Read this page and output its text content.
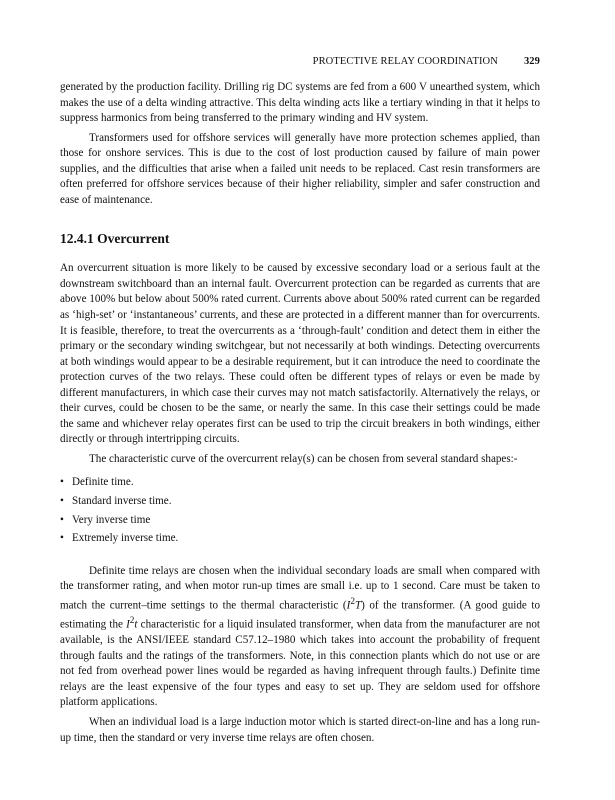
PROTECTIVE RELAY COORDINATION 329

generated by the production facility. Drilling rig DC systems are fed from a 600 V unearthed system, which makes the use of a delta winding attractive. This delta winding acts like a tertiary winding in that it helps to suppress harmonics from being transferred to the primary winding and HV system.

Transformers used for offshore services will generally have more protection schemes applied, than those for onshore services. This is due to the cost of lost production caused by failure of main power supplies, and the difficulties that arise when a failed unit needs to be replaced. Cast resin transformers are often preferred for offshore services because of their higher reliability, simpler and safer construction and ease of maintenance.

12.4.1 Overcurrent

An overcurrent situation is more likely to be caused by excessive secondary load or a serious fault at the downstream switchboard than an internal fault. Overcurrent protection can be regarded as currents that are above 100% but below about 500% rated current. Currents above about 500% rated current can be regarded as ‘high-set’ or ‘instantaneous’ currents, and these are protected in a different manner than for overcurrents. It is feasible, therefore, to treat the overcurrents as a ‘through-fault’ condition and detect them in either the primary or the secondary winding switchgear, but not necessarily at both windings. Detecting overcurrents at both windings would appear to be a desirable requirement, but it can introduce the need to coordinate the protection curves of the two relays. These could often be different types of relays or even be made by different manufacturers, in which case their curves may not match satisfactorily. Alternatively the relays, or their curves, could be chosen to be the same, or nearly the same. In this case their settings could be made the same and whichever relay operates first can be used to trip the circuit breakers in both windings, either directly or through intertripping circuits.

The characteristic curve of the overcurrent relay(s) can be chosen from several standard shapes:-

• Definite time.
• Standard inverse time.
• Very inverse time
• Extremely inverse time.

Definite time relays are chosen when the individual secondary loads are small when compared with the transformer rating, and when motor run-up times are small i.e. up to 1 second. Care must be taken to match the current–time settings to the thermal characteristic $(I^2T)$ of the transformer. (A good guide to estimating the $I^2t$ characteristic for a liquid insulated transformer, when data from the manufacturer are not available, is the ANSI/IEEE standard C57.12–1980 which takes into account the probability of frequent through faults and the ratings of the transformers. Note, in this connection plants which do not use or are not fed from overhead power lines would be regarded as having infrequent through faults.) Definite time relays are the least expensive of the four types and easy to set up. They are seldom used for offshore platform applications.

When an individual load is a large induction motor which is started direct-on-line and has a long run-up time, then the standard or very inverse time relays are often chosen.
